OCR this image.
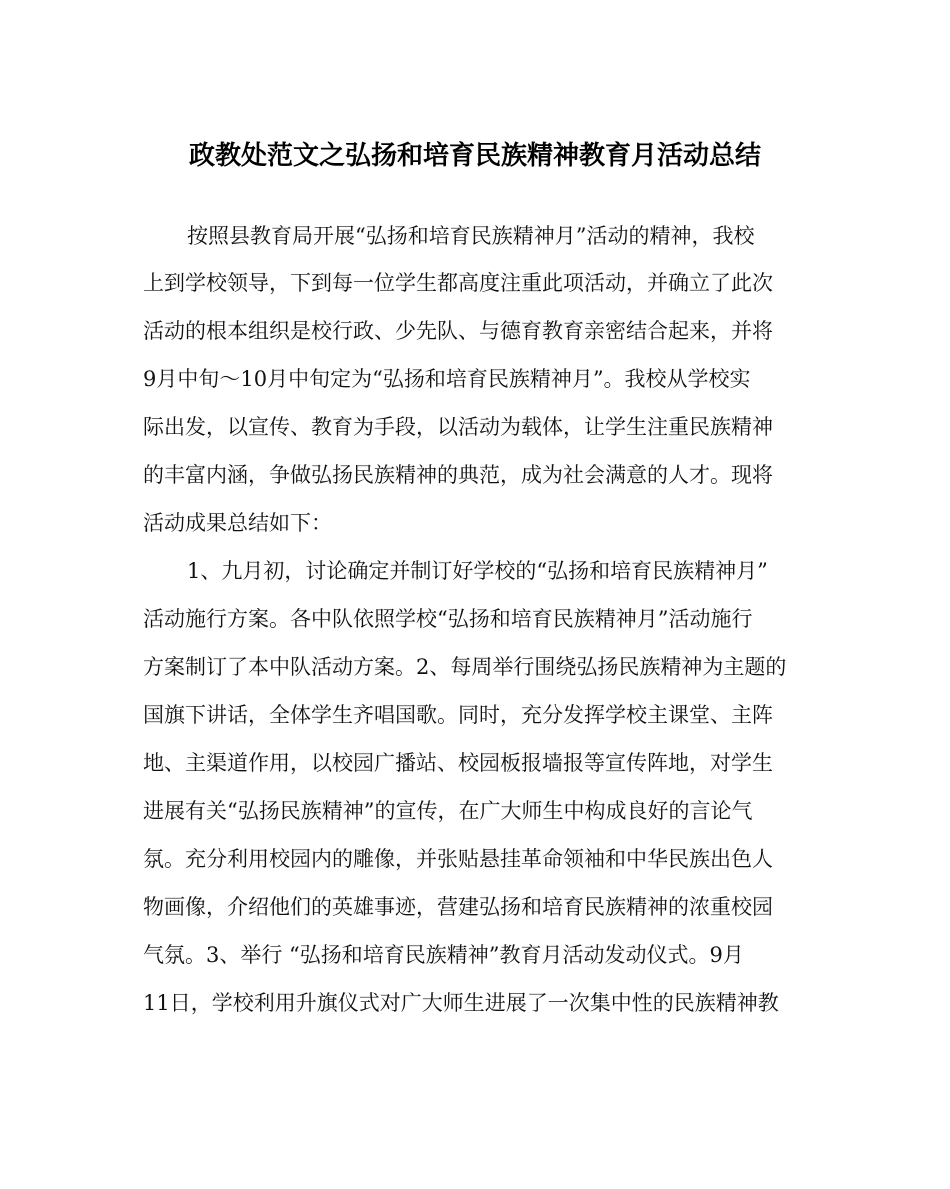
政教处范文之弘扬和培育民族精神教育月活动总结
按照县教育局开展“弘扬和培育民族精神月”活动的精神，我校
上到学校领导，下到每一位学生都高度注重此项活动，并确立了此次
活动的根本组织是校行政、少先队、与德育教育亲密结合起来，并将
9月中旬～10月中旬定为“弘扬和培育民族精神月”。我校从学校实
际出发，以宣传、教育为手段，以活动为载体，让学生注重民族精神
的丰富内涵，争做弘扬民族精神的典范，成为社会满意的人才。现将
活动成果总结如下：
1、九月初，讨论确定并制订好学校的“弘扬和培育民族精神月”
活动施行方案。各中队依照学校“弘扬和培育民族精神月”活动施行
方案制订了本中队活动方案。2、每周举行围绕弘扬民族精神为主题的
国旗下讲话，全体学生齐唱国歌。同时，充分发挥学校主课堂、主阵
地、主渠道作用，以校园广播站、校园板报墙报等宣传阵地，对学生
进展有关“弘扬民族精神”的宣传，在广大师生中构成良好的言论气
氛。充分利用校园内的雕像，并张贴悬挂革命领袖和中华民族出色人
物画像，介绍他们的英雄事迹，营建弘扬和培育民族精神的浓重校园
气氛。3、举行 “弘扬和培育民族精神”教育月活动发动仪式。9月
11日，学校利用升旗仪式对广大师生进展了一次集中性的民族精神教
